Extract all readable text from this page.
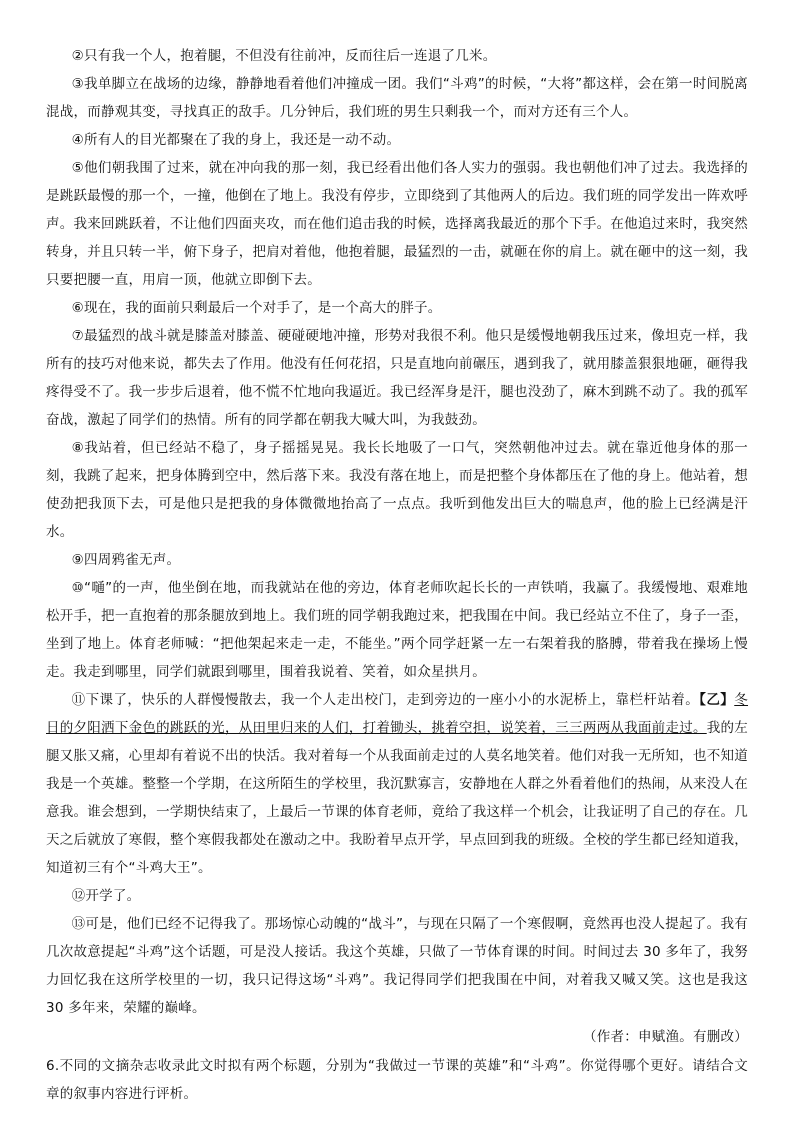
②只有我一个人，抱着腿，不但没有往前冲，反而往后一连退了几米。

③我单脚立在战场的边缘，静静地看着他们冲撞成一团。我们“斗鸡”的时候，“大将”都这样，会在第一时间脱离混战，而静观其变，寻找真正的敌手。几分钟后，我们班的男生只剩我一个，而对方还有三个人。

④所有人的目光都聚在了我的身上，我还是一动不动。

⑤他们朝我围了过来，就在冲向我的那一刻，我已经看出他们各人实力的强弱。我也朝他们冲了过去。我选择的是跳跃最慢的那一个，一撞，他倒在了地上。我没有停步，立即绕到了其他两人的后边。我们班的同学发出一阵欢呼声。我来回跳跃着，不让他们四面夹攻，而在他们追击我的时候，选择离我最近的那个下手。在他追过来时，我突然转身，并且只转一半，俯下身子，把肩对着他，他抱着腿，最猛烈的一击，就砸在你的肩上。就在砸中的这一刻，我只要把腰一直，用肩一顶，他就立即倒下去。

⑥现在，我的面前只剩最后一个对手了，是一个高大的胖子。

⑦最猛烈的战斗就是膝盖对膝盖、硬碰硬地冲撞，形势对我很不利。他只是缓慢地朝我压过来，像坦克一样，我所有的技巧对他来说，都失去了作用。他没有任何花招，只是直地向前碾压，遇到我了，就用膝盖狠狠地砸，砸得我疼得受不了。我一步步后退着，他不慌不忙地向我逼近。我已经浑身是汗，腿也没劲了，麻木到跳不动了。我的孤军奋战，激起了同学们的热情。所有的同学都在朝我大喊大叫，为我鼓劲。

⑧我站着，但已经站不稳了，身子摇摇晃晃。我长长地吸了一口气，突然朝他冲过去。就在靠近他身体的那一刻，我跳了起来，把身体腾到空中，然后落下来。我没有落在地上，而是把整个身体都压在了他的身上。他站着，想使劲把我顶下去，可是他只是把我的身体微微地抬高了一点点。我听到他发出巨大的喘息声，他的脸上已经满是汗水。

⑨四周鸦雀无声。

⑩“嗵”的一声，他坐倒在地，而我就站在他的旁边，体育老师吹起长长的一声铁哨，我赢了。我缓慢地、艰难地松开手，把一直抱着的那条腿放到地上。我们班的同学朝我跑过来，把我围在中间。我已经站立不住了，身子一歪，坐到了地上。体育老师喊：“把他架起来走一走，不能坐。”两个同学赶紧一左一右架着我的胳膊，带着我在操场上慢走。我走到哪里，同学们就跟到哪里，围着我说着、笑着，如众星拱月。

⑪下课了，快乐的人群慢慢散去，我一个人走出校门，走到旁边的一座小小的水泥桥上，靠栏杆站着。【乙】冬日的夕阳洒下金色的跳跃的光，从田里归来的人们，打着锄头，挑着空担，说笑着，三三两两从我面前走过。我的左腿又胀又痛，心里却有着说不出的快活。我对着每一个从我面前走过的人莫名地笑着。他们对我一无所知，也不知道我是一个英雄。整整一个学期，在这所陌生的学校里，我沉默寡言，安静地在人群之外看着他们的热闹，从来没人在意我。谁会想到，一学期快结束了，上最后一节课的体育老师，竟给了我这样一个机会，让我证明了自己的存在。几天之后就放了寒假，整个寒假我都处在激动之中。我盼着早点开学，早点回到我的班级。全校的学生都已经知道我，知道初三有个“斗鸡大王”。

⑫开学了。

⑬可是，他们已经不记得我了。那场惊心动魄的“战斗”，与现在只隔了一个寒假啊，竟然再也没人提起了。我有几次故意提起“斗鸡”这个话题，可是没人接话。我这个英雄，只做了一节体育课的时间。时间过去 30 多年了，我努力回忆我在这所学校里的一切，我只记得这场“斗鸡”。我记得同学们把我围在中间，对着我又喊又笑。这也是我这 30 多年来，荣耀的巅峰。

（作者：申赋渔。有删改）

6.不同的文摘杂志收录此文时拟有两个标题，分别为“我做过一节课的英雄”和“斗鸡”。你觉得哪个更好。请结合文章的叙事内容进行评析。
